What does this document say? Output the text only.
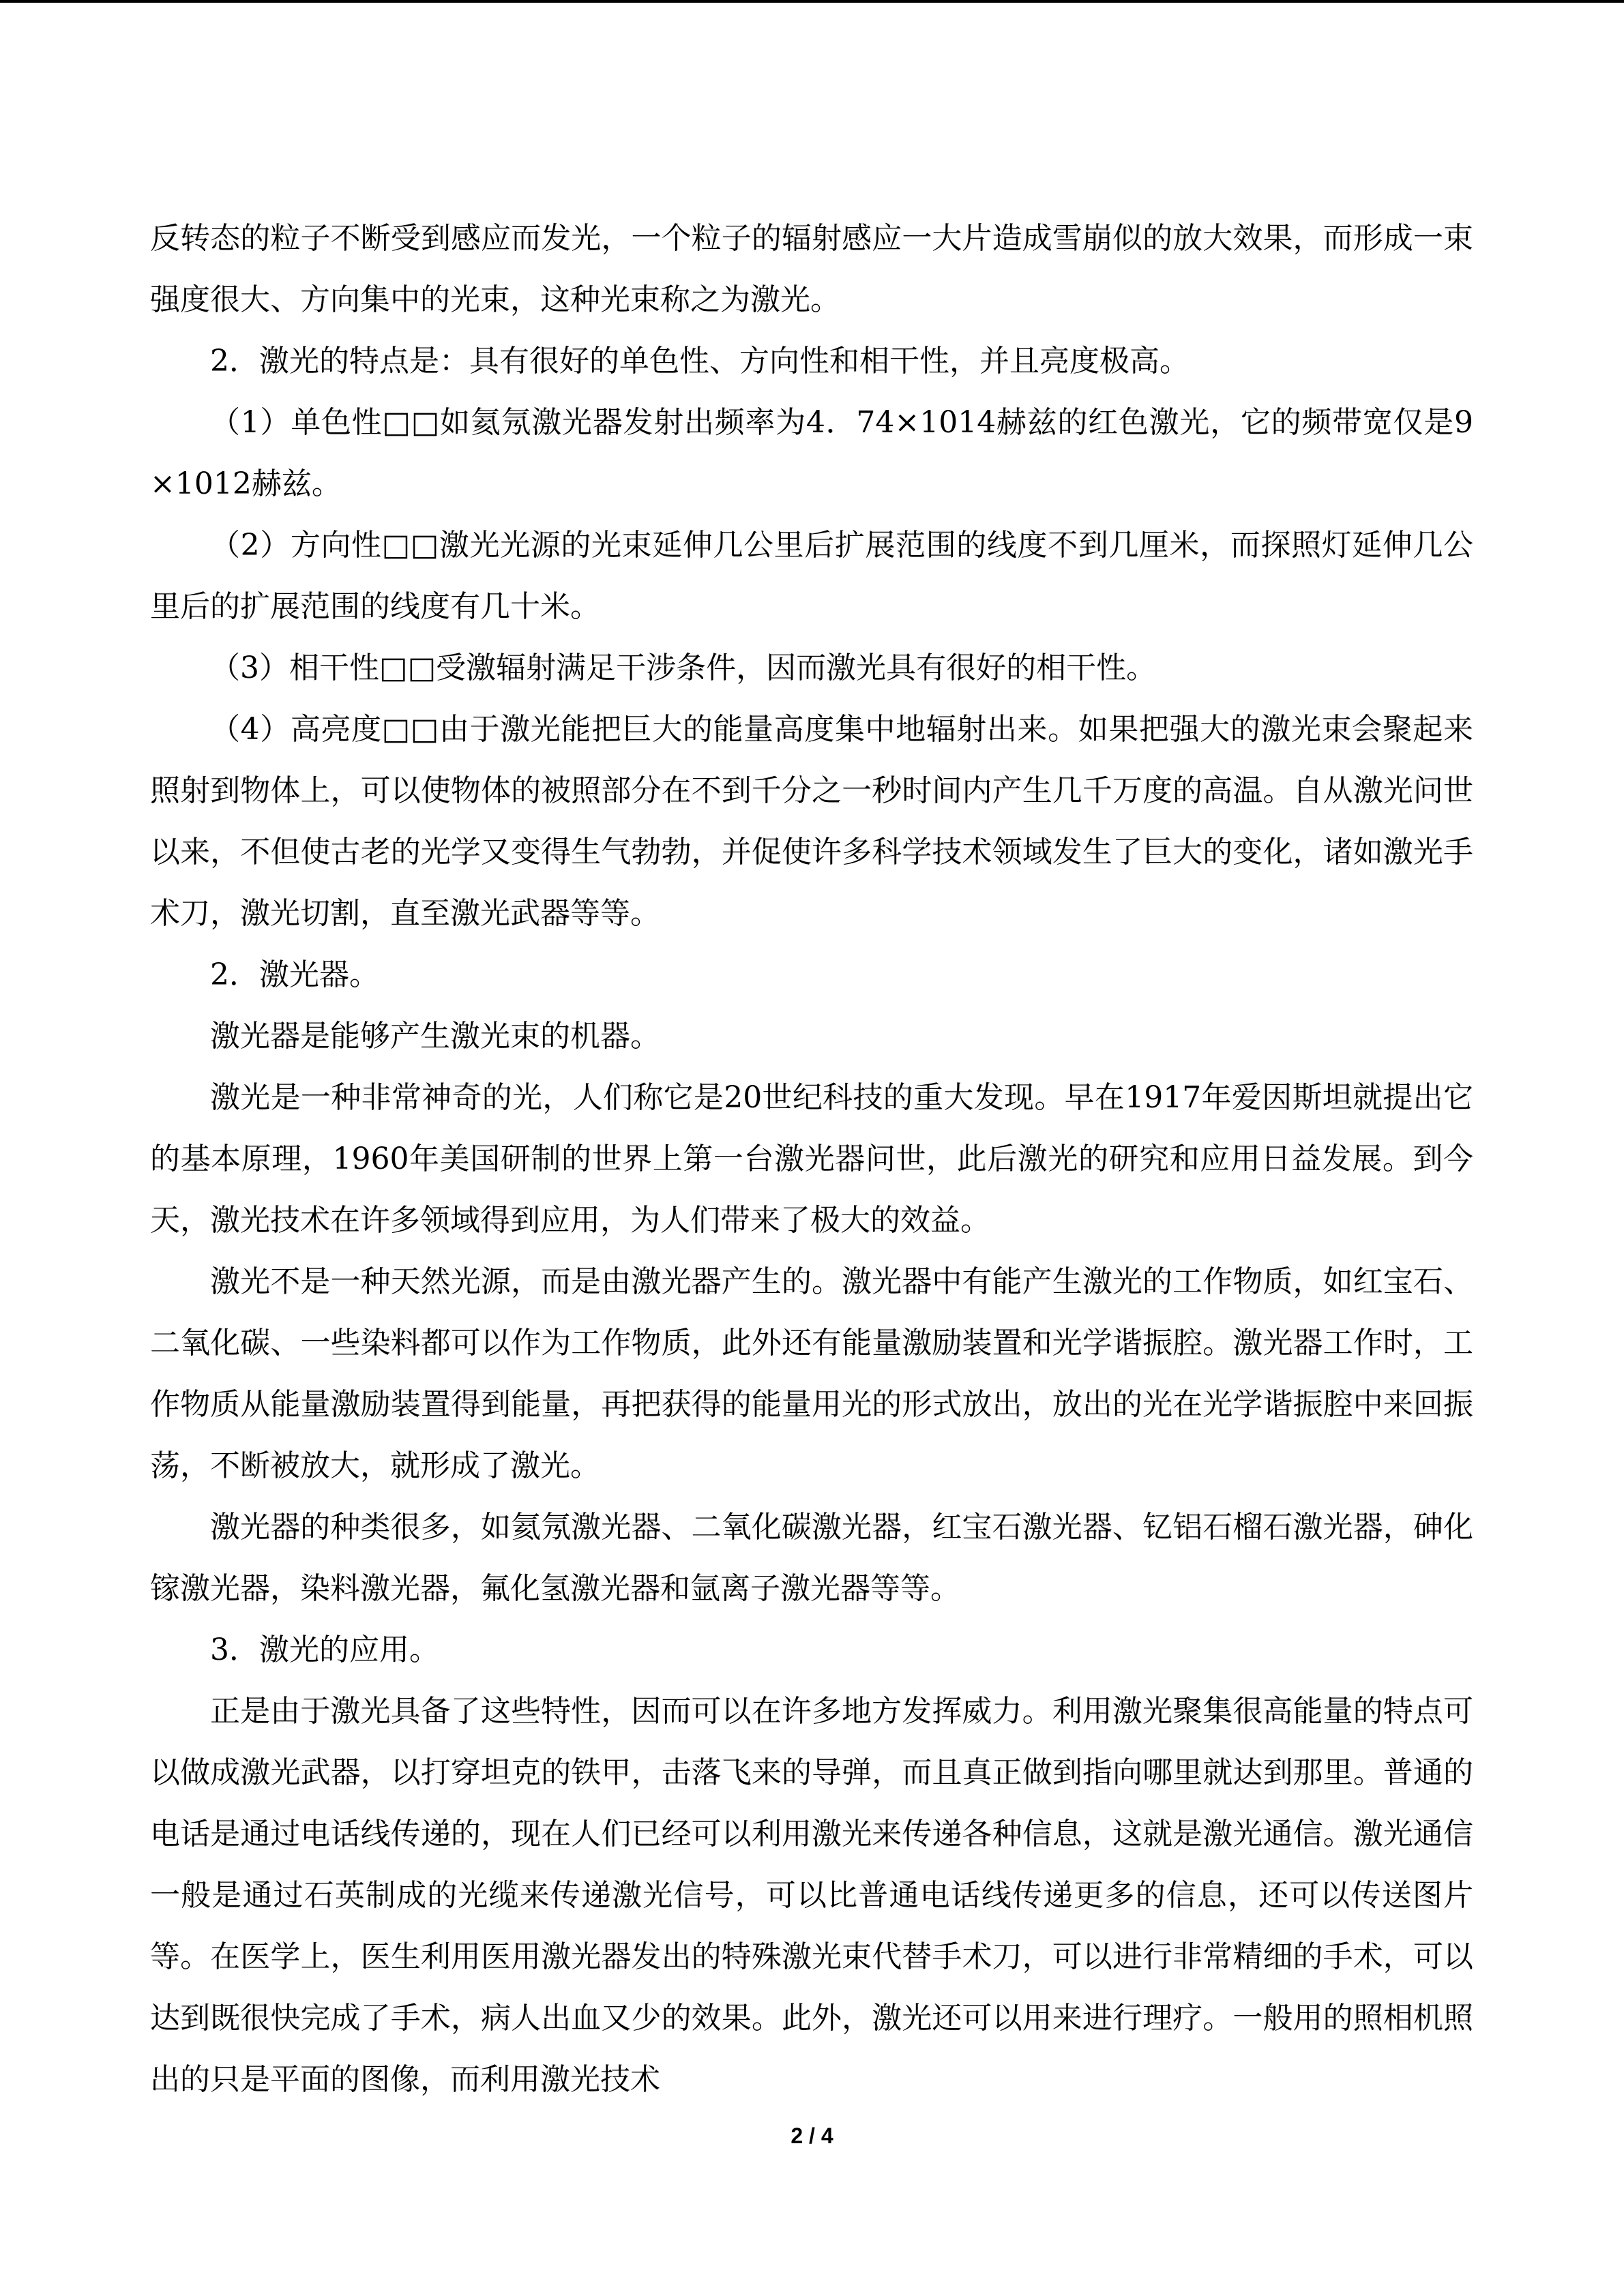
反转态的粒子不断受到感应而发光，一个粒子的辐射感应一大片造成雪崩似的放大效果，而形成一束强度很大、方向集中的光束，这种光束称之为激光。

2．激光的特点是：具有很好的单色性、方向性和相干性，并且亮度极高。

（1）单色性□□如氦氖激光器发射出频率为4．74×1014赫兹的红色激光，它的频带宽仅是9×1012赫兹。

（2）方向性□□激光光源的光束延伸几公里后扩展范围的线度不到几厘米，而探照灯延伸几公里后的扩展范围的线度有几十米。

（3）相干性□□受激辐射满足干涉条件，因而激光具有很好的相干性。

（4）高亮度□□由于激光能把巨大的能量高度集中地辐射出来。如果把强大的激光束会聚起来照射到物体上，可以使物体的被照部分在不到千分之一秒时间内产生几千万度的高温。自从激光问世以来，不但使古老的光学又变得生气勃勃，并促使许多科学技术领域发生了巨大的变化，诸如激光手术刀，激光切割，直至激光武器等等。

2．激光器。

激光器是能够产生激光束的机器。

激光是一种非常神奇的光，人们称它是20世纪科技的重大发现。早在1917年爱因斯坦就提出它的基本原理，1960年美国研制的世界上第一台激光器问世，此后激光的研究和应用日益发展。到今天，激光技术在许多领域得到应用，为人们带来了极大的效益。

激光不是一种天然光源，而是由激光器产生的。激光器中有能产生激光的工作物质，如红宝石、二氧化碳、一些染料都可以作为工作物质，此外还有能量激励装置和光学谐振腔。激光器工作时，工作物质从能量激励装置得到能量，再把获得的能量用光的形式放出，放出的光在光学谐振腔中来回振荡，不断被放大，就形成了激光。

激光器的种类很多，如氦氖激光器、二氧化碳激光器，红宝石激光器、钇铝石榴石激光器，砷化镓激光器，染料激光器，氟化氢激光器和氩离子激光器等等。

3．激光的应用。

正是由于激光具备了这些特性，因而可以在许多地方发挥威力。利用激光聚集很高能量的特点可以做成激光武器，以打穿坦克的铁甲，击落飞来的导弹，而且真正做到指向哪里就达到那里。普通的电话是通过电话线传递的，现在人们已经可以利用激光来传递各种信息，这就是激光通信。激光通信一般是通过石英制成的光缆来传递激光信号，可以比普通电话线传递更多的信息，还可以传送图片等。在医学上，医生利用医用激光器发出的特殊激光束代替手术刀，可以进行非常精细的手术，可以达到既很快完成了手术，病人出血又少的效果。此外，激光还可以用来进行理疗。一般用的照相机照出的只是平面的图像，而利用激光技术

2 / 4
